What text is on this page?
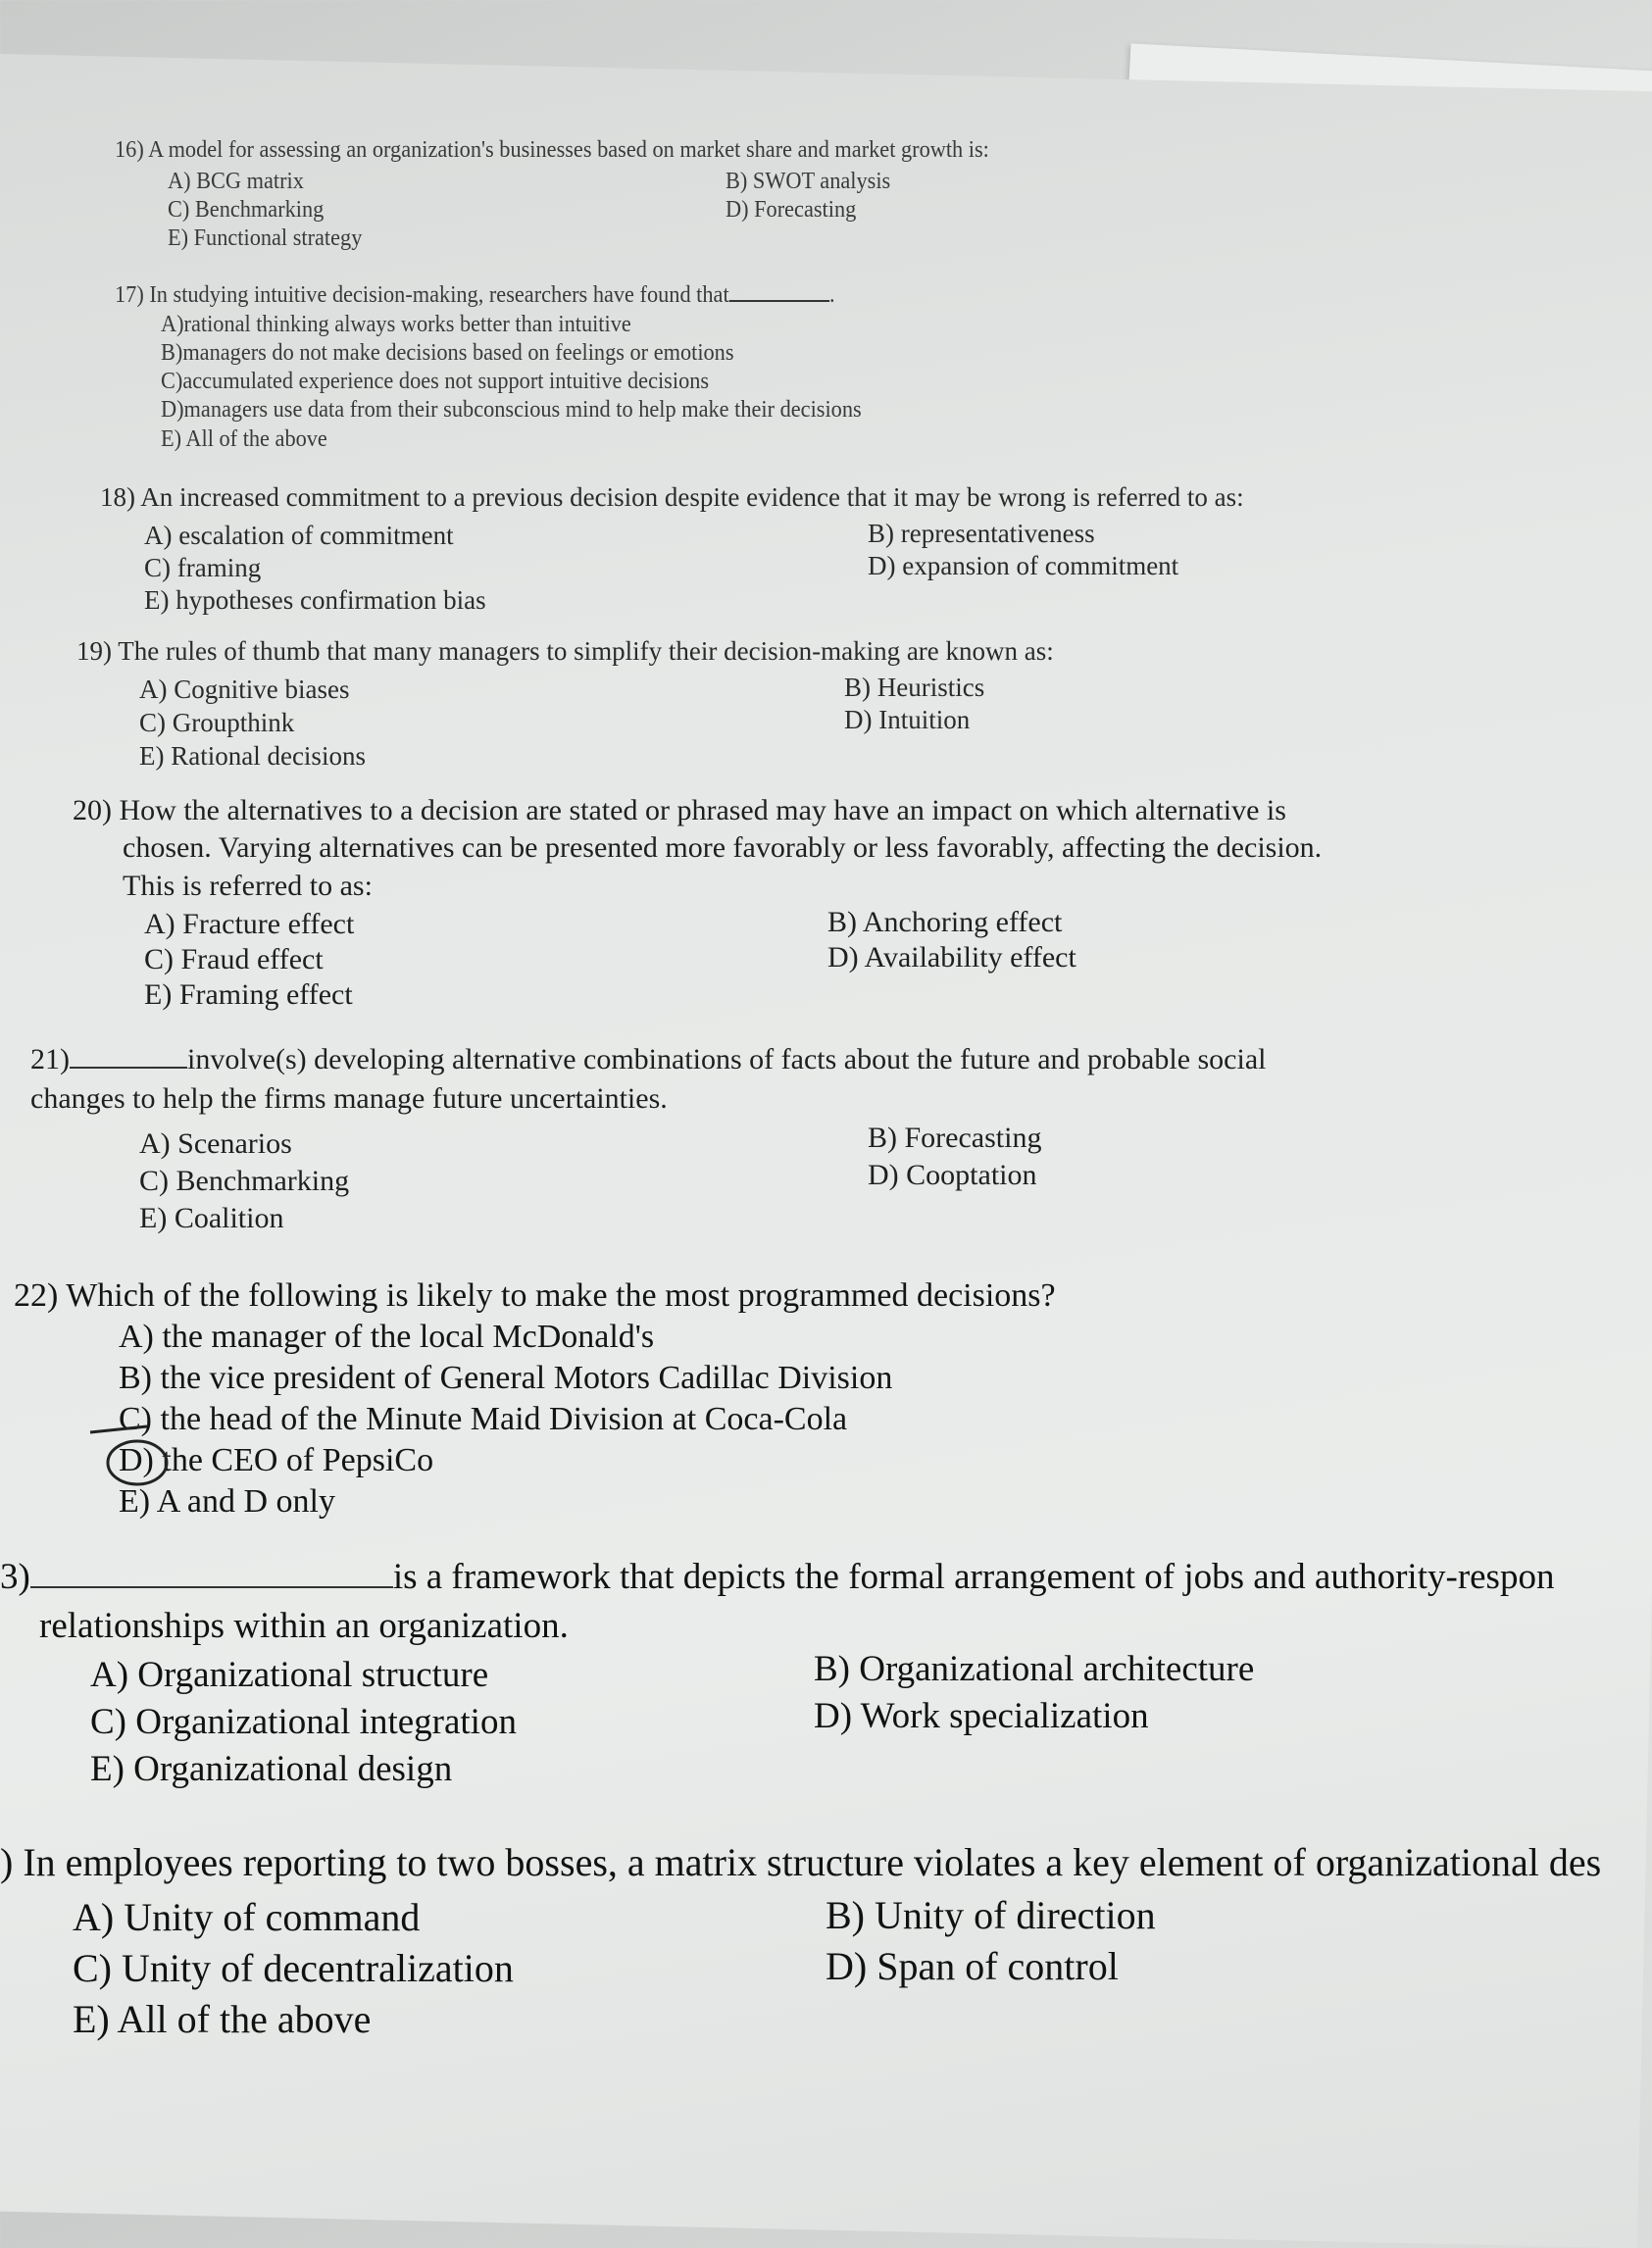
16) A model for assessing an organization's businesses based on market share and market growth is:
A) BCG matrix	B) SWOT analysis
C) Benchmarking	D) Forecasting
E) Functional strategy
17) In studying intuitive decision-making, researchers have found that	.
A)rational thinking always works better than intuitive
B)managers do not make decisions based on feelings or emotions
C)accumulated experience does not support intuitive decisions
D)managers use data from their subconscious mind to help make their decisions
E) All of the above
18) An increased commitment to a previous decision despite evidence that it may be wrong is referred to as:
A) escalation of commitment	B) representativeness
C) framing	D) expansion of commitment
E) hypotheses confirmation bias
19) The rules of thumb that many managers to simplify their decision-making are known as:
A) Cognitive biases	B) Heuristics
C) Groupthink	D) Intuition
E) Rational decisions
20) How the alternatives to a decision are stated or phrased may have an impact on which alternative is
chosen. Varying alternatives can be presented more favorably or less favorably, affecting the decision.
This is referred to as:
A) Fracture effect	B) Anchoring effect
C) Fraud effect	D) Availability effect
E) Framing effect
21)	involve(s) developing alternative combinations of facts about the future and probable social
changes to help the firms manage future uncertainties.
A) Scenarios	B) Forecasting
C) Benchmarking	D) Cooptation
E) Coalition
22) Which of the following is likely to make the most programmed decisions?
A) the manager of the local McDonald's
B) the vice president of General Motors Cadillac Division
C) the head of the Minute Maid Division at Coca-Cola
D) the CEO of PepsiCo
E) A and D only
3)	is a framework that depicts the formal arrangement of jobs and authority-respon
relationships within an organization.
A) Organizational structure	B) Organizational architecture
C) Organizational integration	D) Work specialization
E) Organizational design
) In employees reporting to two bosses, a matrix structure violates a key element of organizational des
A) Unity of command	B) Unity of direction
C) Unity of decentralization	D) Span of control
E) All of the above
